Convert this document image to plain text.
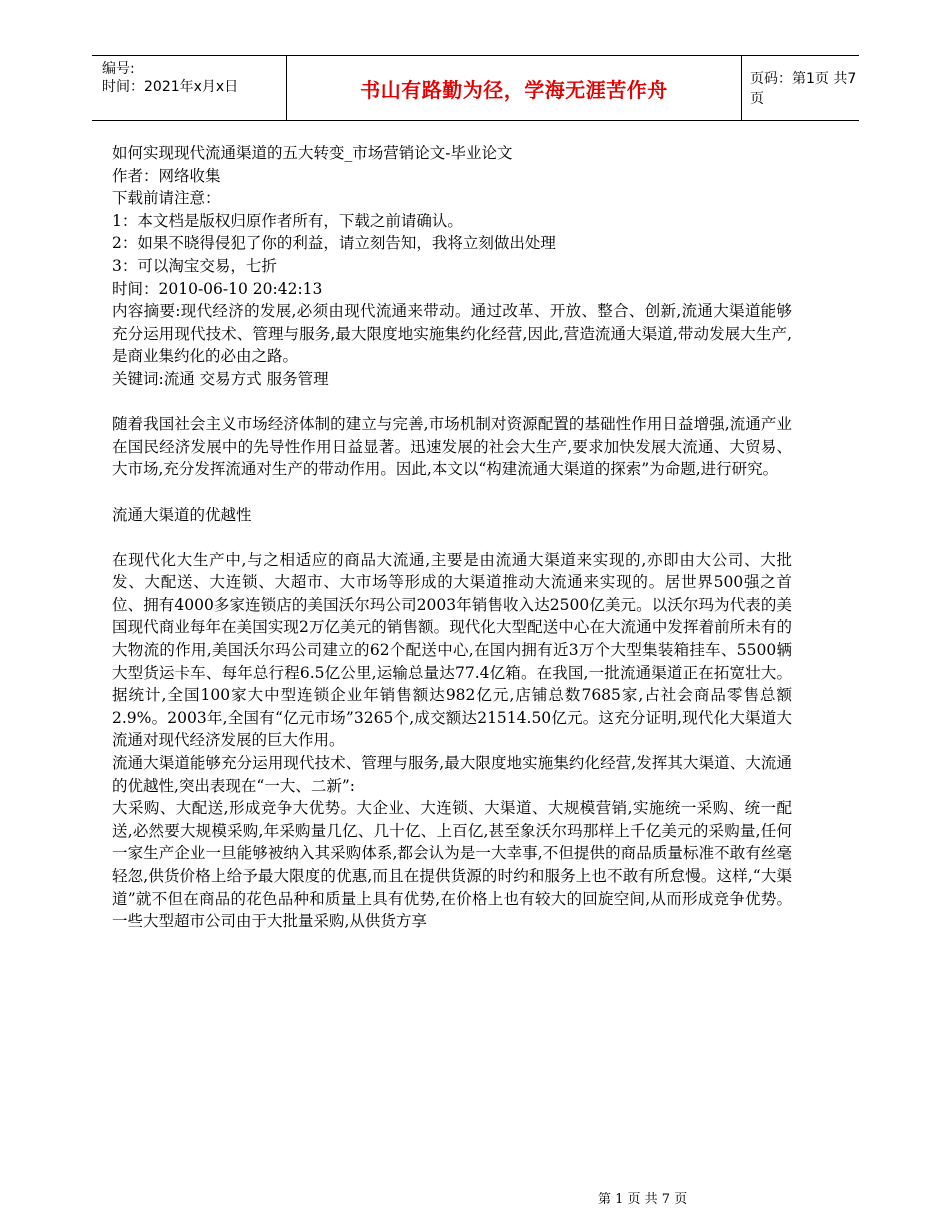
编号:
时间：2021年x月x日	书山有路勤为径，学海无涯苦作舟	页码：第1页 共7页

如何实现现代流通渠道的五大转变_市场营销论文-毕业论文

作者：网络收集

下载前请注意：

1：本文档是版权归原作者所有，下载之前请确认。

2：如果不晓得侵犯了你的利益，请立刻告知，我将立刻做出处理

3：可以淘宝交易，七折

时间：2010-06-10 20:42:13

内容摘要:现代经济的发展,必须由现代流通来带动。通过改革、开放、整合、创新,流通大渠道能够充分运用现代技术、管理与服务,最大限度地实施集约化经营,因此,营造流通大渠道,带动发展大生产,是商业集约化的必由之路。

关键词:流通 交易方式 服务管理

随着我国社会主义市场经济体制的建立与完善,市场机制对资源配置的基础性作用日益增强,流通产业在国民经济发展中的先导性作用日益显著。迅速发展的社会大生产,要求加快发展大流通、大贸易、大市场,充分发挥流通对生产的带动作用。因此,本文以“构建流通大渠道的探索”为命题,进行研究。

流通大渠道的优越性

在现代化大生产中,与之相适应的商品大流通,主要是由流通大渠道来实现的,亦即由大公司、大批发、大配送、大连锁、大超市、大市场等形成的大渠道推动大流通来实现的。居世界500强之首位、拥有4000多家连锁店的美国沃尔玛公司2003年销售收入达2500亿美元。以沃尔玛为代表的美国现代商业每年在美国实现2万亿美元的销售额。现代化大型配送中心在大流通中发挥着前所未有的大物流的作用,美国沃尔玛公司建立的62个配送中心,在国内拥有近3万个大型集装箱挂车、5500辆大型货运卡车、每年总行程6.5亿公里,运输总量达77.4亿箱。在我国,一批流通渠道正在拓宽壮大。据统计,全国100家大中型连锁企业年销售额达982亿元,店铺总数7685家,占社会商品零售总额2.9%。2003年,全国有“亿元市场”3265个,成交额达21514.50亿元。这充分证明,现代化大渠道大流通对现代经济发展的巨大作用。

流通大渠道能够充分运用现代技术、管理与服务,最大限度地实施集约化经营,发挥其大渠道、大流通的优越性,突出表现在“一大、二新”:

大采购、大配送,形成竞争大优势。大企业、大连锁、大渠道、大规模营销,实施统一采购、统一配送,必然要大规模采购,年采购量几亿、几十亿、上百亿,甚至象沃尔玛那样上千亿美元的采购量,任何一家生产企业一旦能够被纳入其采购体系,都会认为是一大幸事,不但提供的商品质量标准不敢有丝毫轻忽,供货价格上给予最大限度的优惠,而且在提供货源的时约和服务上也不敢有所怠慢。这样,“大渠道”就不但在商品的花色品种和质量上具有优势,在价格上也有较大的回旋空间,从而形成竞争优势。一些大型超市公司由于大批量采购,从供货方享

第 1 页 共 7 页
